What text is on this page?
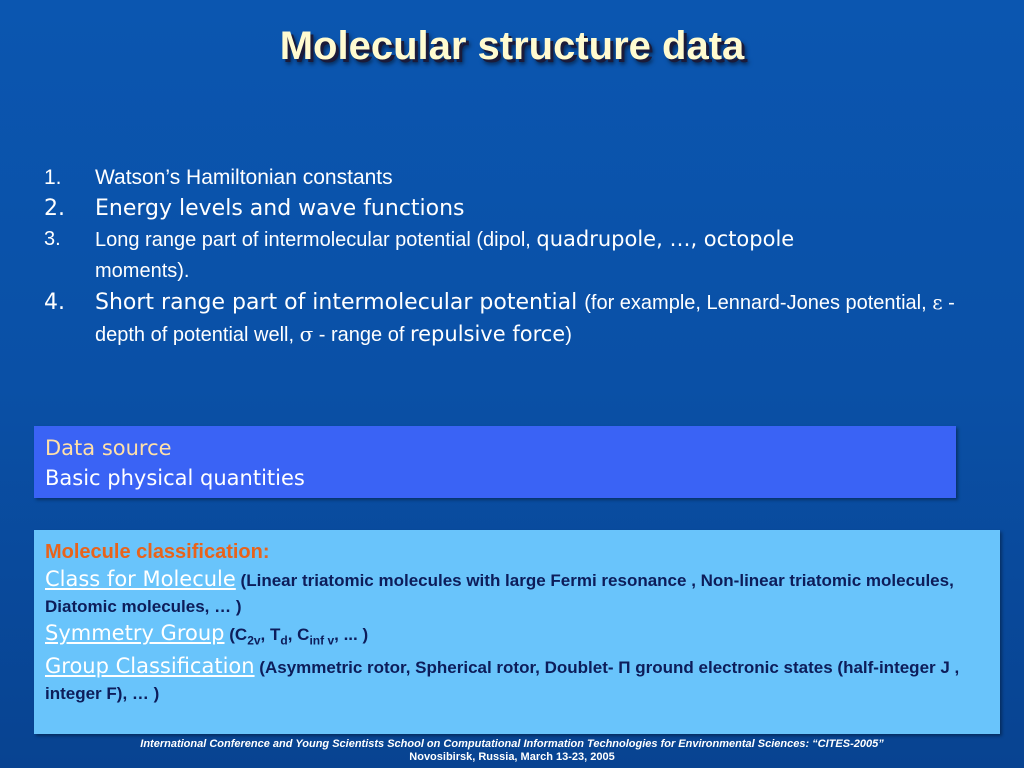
Molecular structure data
1. Watson’s Hamiltonian constants
2. Energy levels and wave functions
3. Long range part of intermolecular potential (dipol, quadrupole, …, octopole
moments).
4. Short range part of intermolecular potential (for example, Lennard-Jones potential, ε - depth of potential well, σ - range of repulsive force)
Data source
Basic physical quantities
Molecule classification:
Class for Molecule (Linear triatomic molecules with large Fermi resonance , Non-linear triatomic molecules, Diatomic molecules, … )
Symmetry Group ($C_{2v}$, $T_d$, $C_{inf v}$, ... )
Group Classification (Asymmetric rotor, Spherical rotor, Doublet- Π ground electronic states (half-integer J , integer F), … )
International Conference and Young Scientists School on Computational Information Technologies for Environmental Sciences: “CITES-2005”
Novosibirsk, Russia, March 13-23, 2005
